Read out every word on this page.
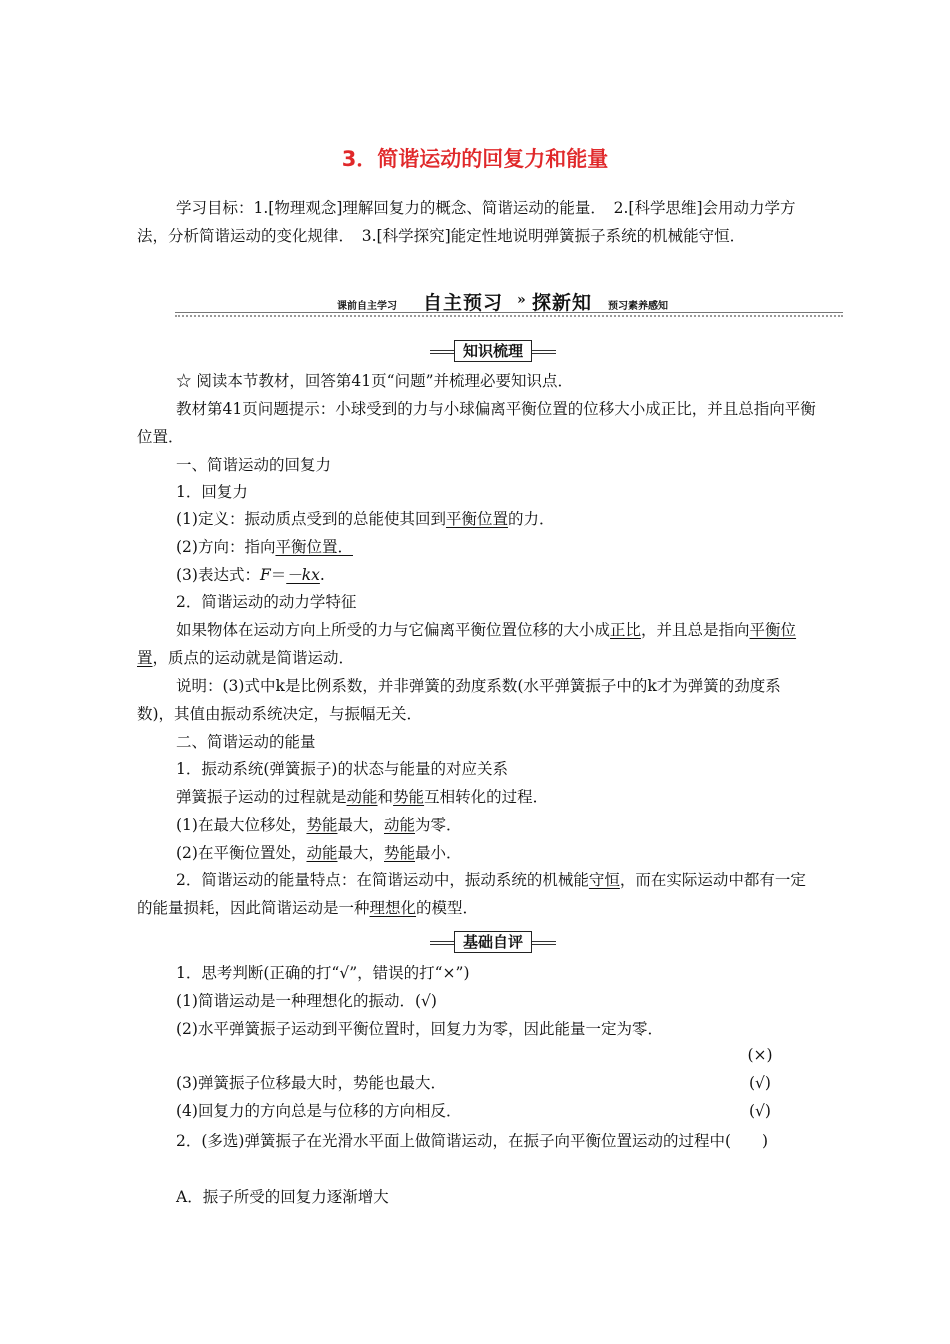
3．简谐运动的回复力和能量
学习目标：1.[物理观念]理解回复力的概念、简谐运动的能量．　2.[科学思维]会用动力学方法，分析简谐运动的变化规律．　3.[科学探究]能定性地说明弹簧振子系统的机械能守恒．
课前自主学习 自主预习 » 探新知 预习素养感知
知识梳理
☆ 阅读本节教材，回答第41页“问题”并梳理必要知识点．
教材第41页问题提示：小球受到的力与小球偏离平衡位置的位移大小成正比，并且总指向平衡位置．
一、简谐运动的回复力
1．回复力
(1)定义：振动质点受到的总能使其回到平衡位置的力．
(2)方向：指向平衡位置．
(3)表达式：F＝－kx.
2．简谐运动的动力学特征
如果物体在运动方向上所受的力与它偏离平衡位置位移的大小成正比，并且总是指向平衡位置，质点的运动就是简谐运动．
说明：(3)式中k是比例系数，并非弹簧的劲度系数(水平弹簧振子中的k才为弹簧的劲度系数)，其值由振动系统决定，与振幅无关．
二、简谐运动的能量
1．振动系统(弹簧振子)的状态与能量的对应关系
弹簧振子运动的过程就是动能和势能互相转化的过程．
(1)在最大位移处，势能最大，动能为零．
(2)在平衡位置处，动能最大，势能最小．
2．简谐运动的能量特点：在简谐运动中，振动系统的机械能守恒，而在实际运动中都有一定的能量损耗，因此简谐运动是一种理想化的模型．
基础自评
1．思考判断(正确的打“√”，错误的打“×”)
(1)简谐运动是一种理想化的振动．(√)
(2)水平弹簧振子运动到平衡位置时，回复力为零，因此能量一定为零．
(×)
(3)弹簧振子位移最大时，势能也最大．	(√)
(4)回复力的方向总是与位移的方向相反．	(√)
2．(多选)弹簧振子在光滑水平面上做简谐运动，在振子向平衡位置运动的过程中(　　)
A．振子所受的回复力逐渐增大
